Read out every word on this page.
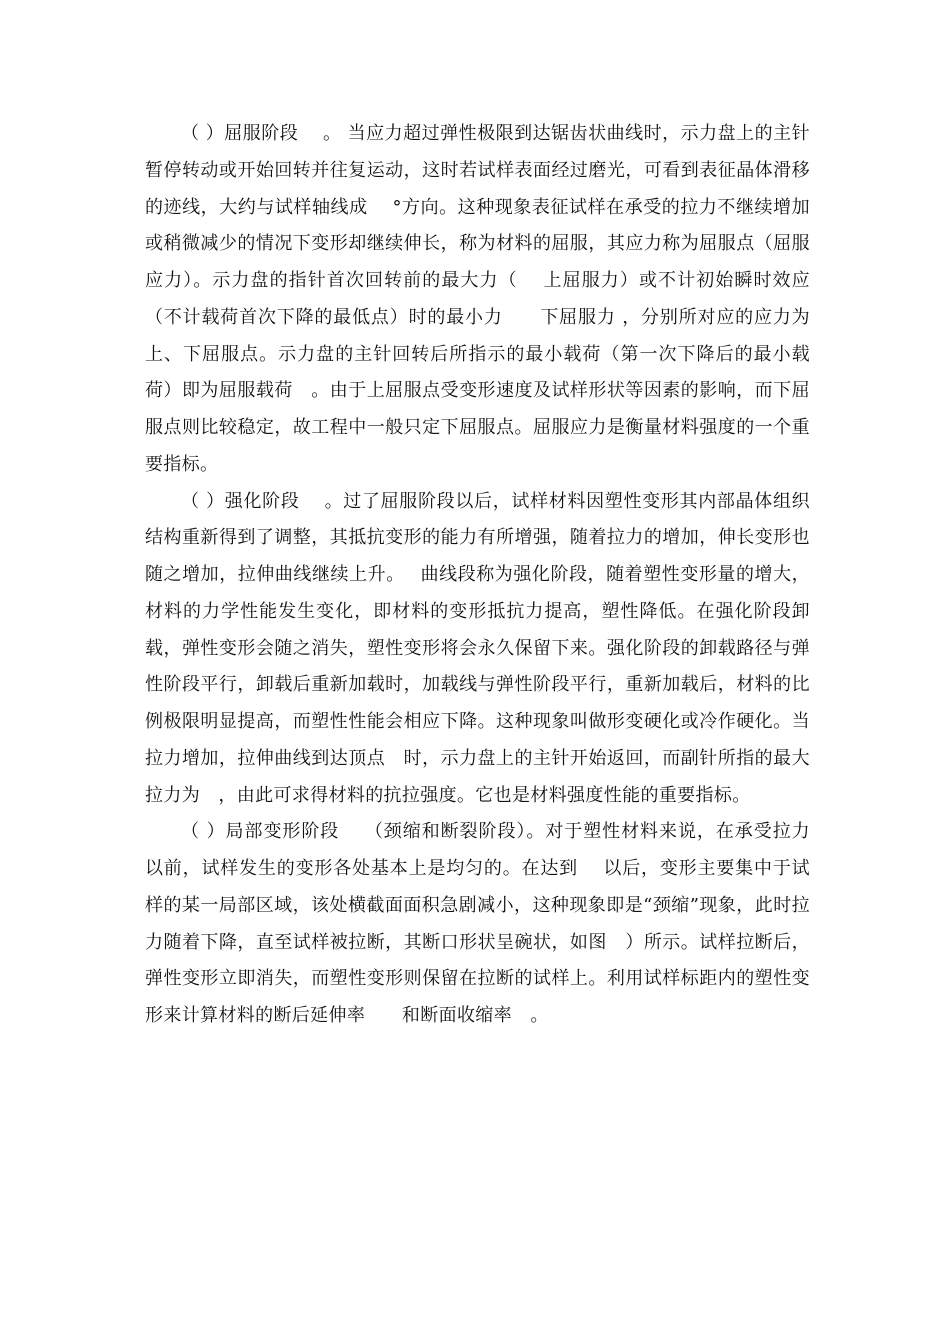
（ ）屈服阶段　 。 当应力超过弹性极限到达锯齿状曲线时，示力盘上的主针暂停转动或开始回转并往复运动，这时若试样表面经过磨光，可看到表征晶体滑移的迹线，大约与试样轴线成　 °方向。这种现象表征试样在承受的拉力不继续增加或稍微减少的情况下变形却继续伸长，称为材料的屈服，其应力称为屈服点（屈服应力）。示力盘的指针首次回转前的最大力（　 上屈服力）或不计初始瞬时效应（不计载荷首次下降的最低点）时的最小力　　下屈服力 ，分别所对应的应力为上、下屈服点。示力盘的主针回转后所指示的最小载荷（第一次下降后的最小载荷）即为屈服载荷　。由于上屈服点受变形速度及试样形状等因素的影响，而下屈服点则比较稳定，故工程中一般只定下屈服点。屈服应力是衡量材料强度的一个重要指标。

（ ）强化阶段　 。过了屈服阶段以后，试样材料因塑性变形其内部晶体组织结构重新得到了调整，其抵抗变形的能力有所增强，随着拉力的增加，伸长变形也随之增加，拉伸曲线继续上升。　 曲线段称为强化阶段，随着塑性变形量的增大，材料的力学性能发生变化，即材料的变形抵抗力提高，塑性降低。在强化阶段卸载，弹性变形会随之消失，塑性变形将会永久保留下来。强化阶段的卸载路径与弹性阶段平行，卸载后重新加载时，加载线与弹性阶段平行，重新加载后，材料的比例极限明显提高，而塑性性能会相应下降。这种现象叫做形变硬化或冷作硬化。当拉力增加，拉伸曲线到达顶点　时，示力盘上的主针开始返回，而副针所指的最大拉力为　，由此可求得材料的抗拉强度。它也是材料强度性能的重要指标。

（ ）局部变形阶段　 （颈缩和断裂阶段）。对于塑性材料来说，在承受拉力　以前，试样发生的变形各处基本上是均匀的。在达到　 以后，变形主要集中于试样的某一局部区域，该处横截面面积急剧减小，这种现象即是“颈缩”现象，此时拉力随着下降，直至试样被拉断，其断口形状呈碗状，如图　）所示。试样拉断后，弹性变形立即消失，而塑性变形则保留在拉断的试样上。利用试样标距内的塑性变形来计算材料的断后延伸率　　和断面收缩率　。
